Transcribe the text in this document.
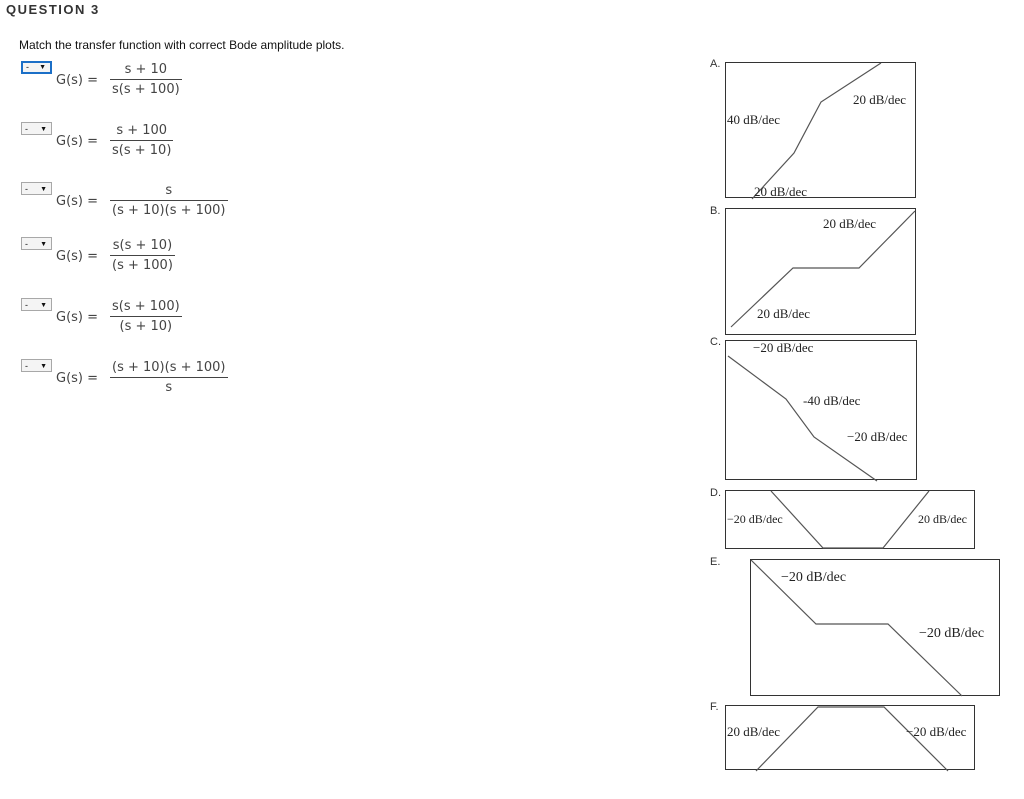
QUESTION 3
Match the transfer function with correct Bode amplitude plots.
- ▼
$G(s) = \frac{s + 10}{s(s + 100)}$
- ▼
$G(s) = \frac{s + 100}{s(s + 10)}$
- ▼
$G(s) = \frac{s}{(s + 10)(s + 100)}$
- ▼
$G(s) = \frac{s(s + 10)}{(s + 100)}$
- ▼
$G(s) = \frac{s(s + 100)}{(s + 10)}$
- ▼
$G(s) = \frac{(s + 10)(s + 100)}{s}$
A.
20 dB/dec
40 dB/dec
20 dB/dec
B.
20 dB/dec
20 dB/dec
C. −20 dB/dec
-40 dB/dec
−20 dB/dec
D.
−20 dB/dec	20 dB/dec
E.
−20 dB/dec
−20 dB/dec
F.
20 dB/dec	−20 dB/dec
